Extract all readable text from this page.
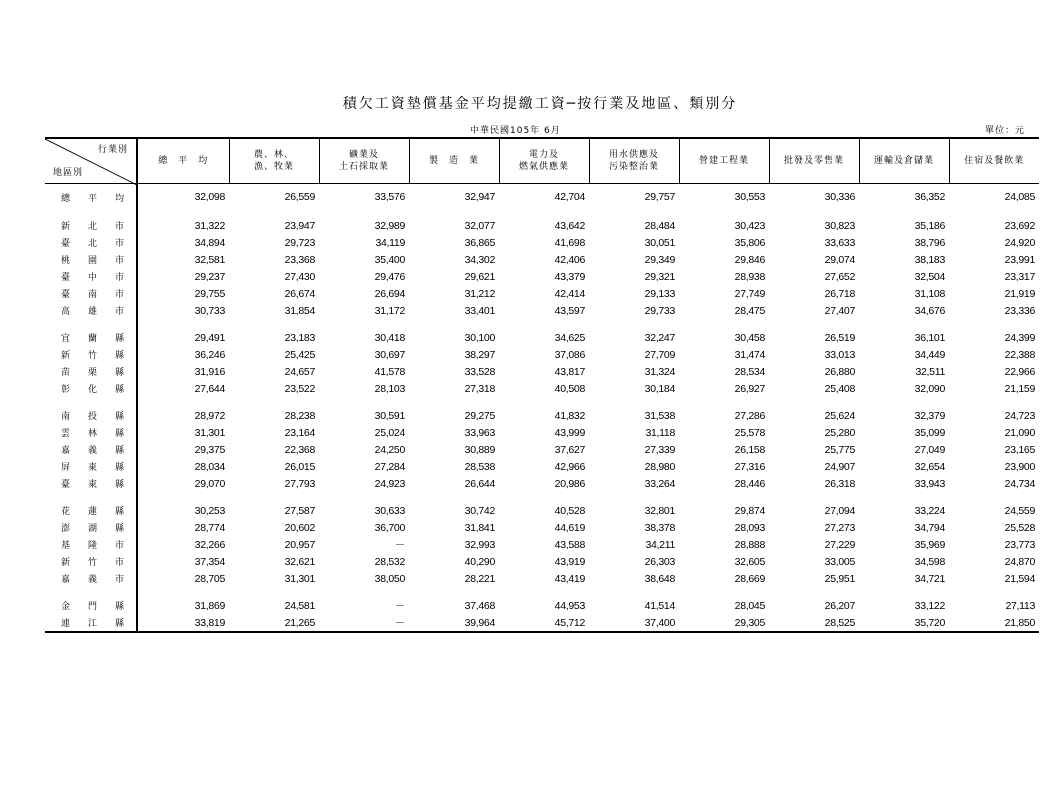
積欠工資墊償基金平均提繳工資─按行業及地區、類別分
中華民國105年 6月	單位：元
行業別
地區別	總　平　均	農、林、
漁、牧業	礦業及
土石採取業	製　造　業	電力及
燃氣供應業	用水供應及
污染整治業	營建工程業	批發及零售業	運輸及倉儲業	住宿及餐飲業
總平均	32,098	26,559	33,576	32,947	42,704	29,757	30,553	30,336	36,352	24,085

新北市	31,322	23,947	32,989	32,077	43,642	28,484	30,423	30,823	35,186	23,692
臺北市	34,894	29,723	34,119	36,865	41,698	30,051	35,806	33,633	38,796	24,920
桃園市	32,581	23,368	35,400	34,302	42,406	29,349	29,846	29,074	38,183	23,991
臺中市	29,237	27,430	29,476	29,621	43,379	29,321	28,938	27,652	32,504	23,317
臺南市	29,755	26,674	26,694	31,212	42,414	29,133	27,749	26,718	31,108	21,919
高雄市	30,733	31,854	31,172	33,401	43,597	29,733	28,475	27,407	34,676	23,336

宜蘭縣	29,491	23,183	30,418	30,100	34,625	32,247	30,458	26,519	36,101	24,399
新竹縣	36,246	25,425	30,697	38,297	37,086	27,709	31,474	33,013	34,449	22,388
苗栗縣	31,916	24,657	41,578	33,528	43,817	31,324	28,534	26,880	32,511	22,966
彰化縣	27,644	23,522	28,103	27,318	40,508	30,184	26,927	25,408	32,090	21,159

南投縣	28,972	28,238	30,591	29,275	41,832	31,538	27,286	25,624	32,379	24,723
雲林縣	31,301	23,164	25,024	33,963	43,999	31,118	25,578	25,280	35,099	21,090
嘉義縣	29,375	22,368	24,250	30,889	37,627	27,339	26,158	25,775	27,049	23,165
屏東縣	28,034	26,015	27,284	28,538	42,966	28,980	27,316	24,907	32,654	23,900
臺東縣	29,070	27,793	24,923	26,644	20,986	33,264	28,446	26,318	33,943	24,734

花蓮縣	30,253	27,587	30,633	30,742	40,528	32,801	29,874	27,094	33,224	24,559
澎湖縣	28,774	20,602	36,700	31,841	44,619	38,378	28,093	27,273	34,794	25,528
基隆市	32,266	20,957	－	32,993	43,588	34,211	28,888	27,229	35,969	23,773
新竹市	37,354	32,621	28,532	40,290	43,919	26,303	32,605	33,005	34,598	24,870
嘉義市	28,705	31,301	38,050	28,221	43,419	38,648	28,669	25,951	34,721	21,594

金門縣	31,869	24,581	－	37,468	44,953	41,514	28,045	26,207	33,122	27,113
連江縣	33,819	21,265	－	39,964	45,712	37,400	29,305	28,525	35,720	21,850
